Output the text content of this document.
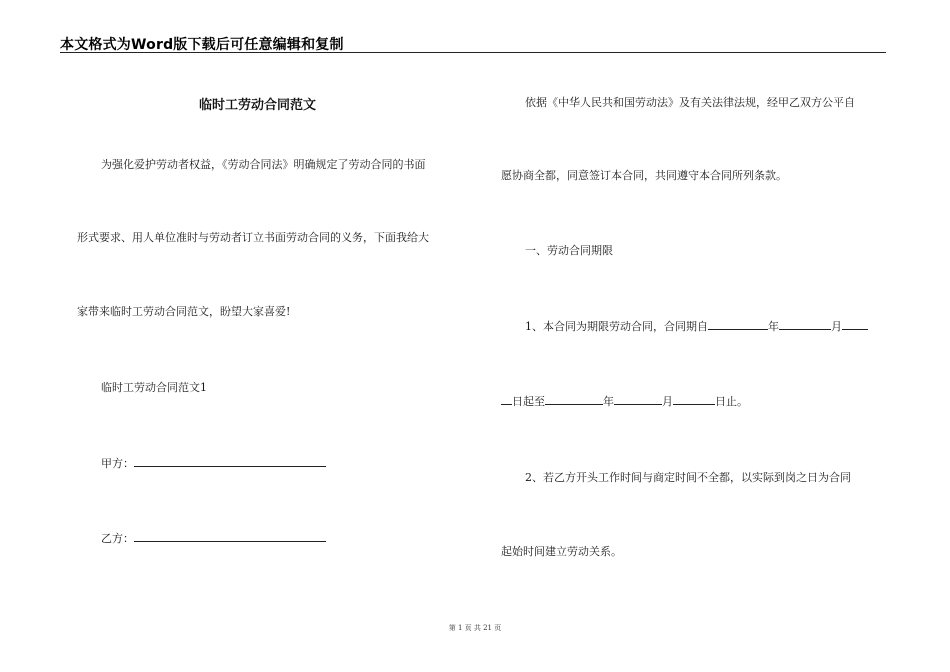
本文格式为Word版下载后可任意编辑和复制
临时工劳动合同范文
为强化爱护劳动者权益，《劳动合同法》明确规定了劳动合同的书面
形式要求、用人单位准时与劳动者订立书面劳动合同的义务，下面我给大
家带来临时工劳动合同范文，盼望大家喜爱!
临时工劳动合同范文1
甲方：
乙方：
依据《中华人民共和国劳动法》及有关法律法规，经甲乙双方公平自
愿协商全都，同意签订本合同，共同遵守本合同所列条款。
一、劳动合同期限
1、本合同为期限劳动合同，合同期自	年	月
日起至	年	月	日止。
2、若乙方开头工作时间与商定时间不全都，以实际到岗之日为合同
起始时间建立劳动关系。
第 1 页 共 21 页
